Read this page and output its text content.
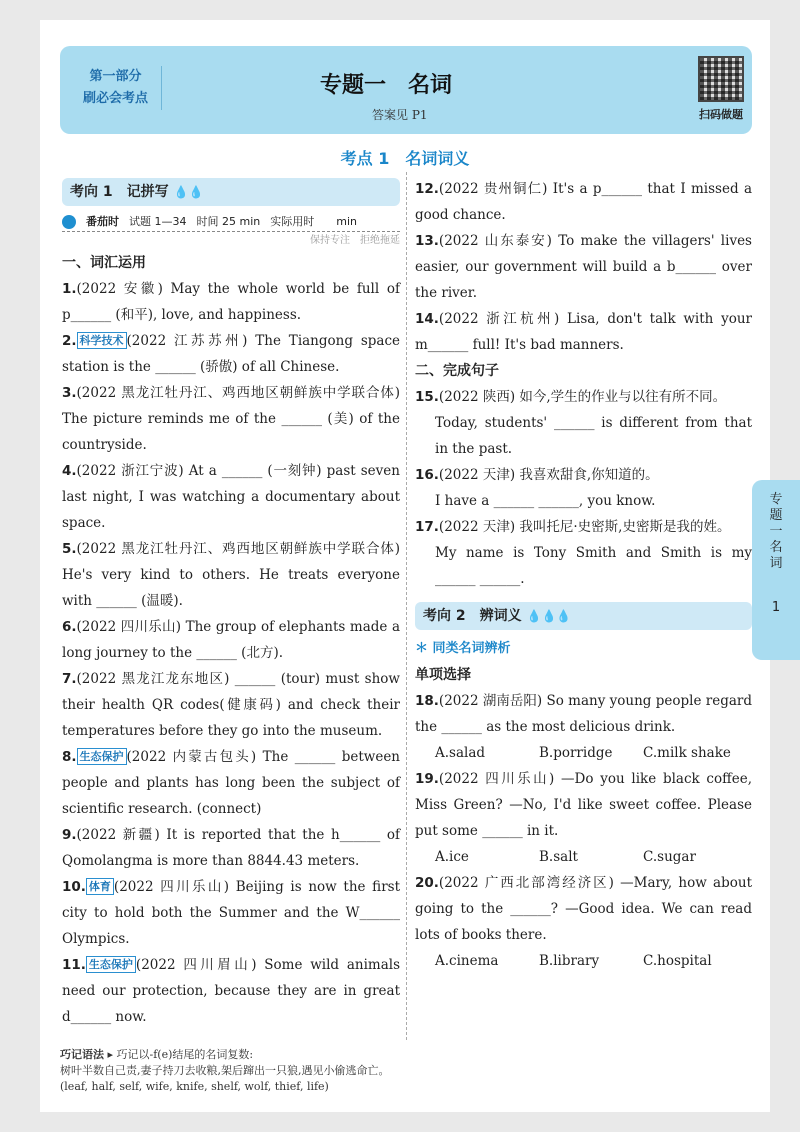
第一部分
刷必会考点
专题一　名词
答案见 P1	扫码做题
考点 1　名词词义
考向 1　记拼写 💧💧
番茄时 试题 1—34 时间 25 min 实际用时　　min
保持专注　拒绝拖延
一、词汇运用
1.(2022 安徽) May the whole world be full of p______ (和平), love, and happiness.
2. 科学技术 (2022 江苏苏州) The Tiangong space station is the ______ (骄傲) of all Chinese.
3.(2022 黑龙江牡丹江、鸡西地区朝鲜族中学联合体) The picture reminds me of the ______ (美) of the countryside.
4.(2022 浙江宁波) At a ______ (一刻钟) past seven last night, I was watching a documentary about space.
5.(2022 黑龙江牡丹江、鸡西地区朝鲜族中学联合体) He's very kind to others. He treats everyone with ______ (温暖).
6.(2022 四川乐山) The group of elephants made a long journey to the ______ (北方).
7.(2022 黑龙江龙东地区) ______ (tour) must show their health QR codes(健康码) and check their temperatures before they go into the museum.
8. 生态保护 (2022 内蒙古包头) The ______ between people and plants has long been the subject of scientific research. (connect)
9.(2022 新疆) It is reported that the h______ of Qomolangma is more than 8844.43 meters.
10. 体育 (2022 四川乐山) Beijing is now the first city to hold both the Summer and the W______ Olympics.
11. 生态保护 (2022 四川眉山) Some wild animals need our protection, because they are in great d______ now.
12.(2022 贵州铜仁) It's a p______ that I missed a good chance.
13.(2022 山东泰安) To make the villagers' lives easier, our government will build a b______ over the river.
14.(2022 浙江杭州) Lisa, don't talk with your m______ full! It's bad manners.
二、完成句子
15.(2022 陕西) 如今,学生的作业与以往有所不同。
Today, students' ______ is different from that in the past.
16.(2022 天津) 我喜欢甜食,你知道的。
I have a ______ ______, you know.
17.(2022 天津) 我叫托尼·史密斯,史密斯是我的姓。
My name is Tony Smith and Smith is my ______ ______.
考向 2　辨词义 💧💧💧
＊ 同类名词辨析
单项选择
18.(2022 湖南岳阳) So many young people regard the ______ as the most delicious drink.
A.salad	B.porridge	C.milk shake
19.(2022 四川乐山) —Do you like black coffee, Miss Green? —No, I'd like sweet coffee. Please put some ______ in it.
A.ice	B.salt	C.sugar
20.(2022 广西北部湾经济区) —Mary, how about going to the ______? —Good idea. We can read lots of books there.
A.cinema	B.library	C.hospital
专题一 名词
1
巧记语法 ▸ 巧记以-f(e)结尾的名词复数:
树叶半数自己责,妻子持刀去收粮,架后蹿出一只狼,遇见小偷逃命亡。
(leaf, half, self, wife, knife, shelf, wolf, thief, life)
